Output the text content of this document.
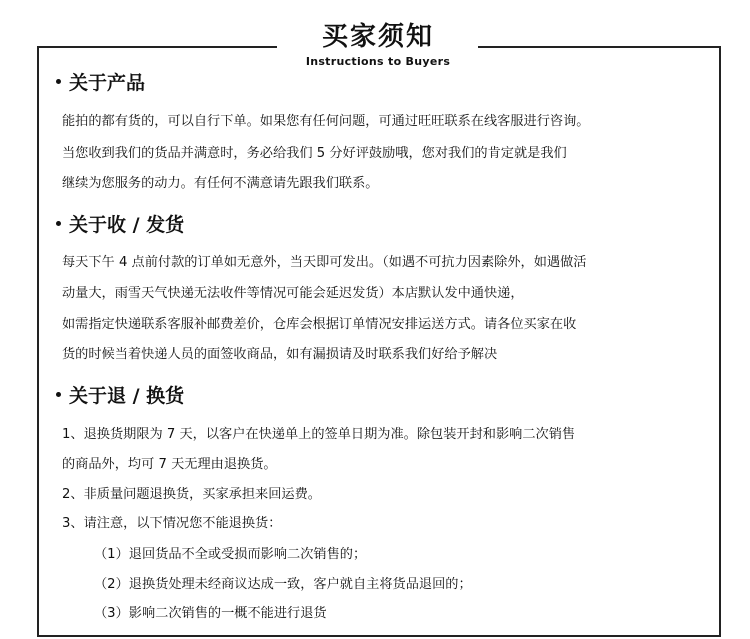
买家须知
Instructions to Buyers
关于产品
能拍的都有货的，可以自行下单。如果您有任何问题，可通过旺旺联系在线客服进行咨询。
当您收到我们的货品并满意时，务必给我们 5 分好评鼓励哦，您对我们的肯定就是我们
继续为您服务的动力。有任何不满意请先跟我们联系。
关于收 / 发货
每天下午 4 点前付款的订单如无意外，当天即可发出。（如遇不可抗力因素除外，如遇做活
动量大，雨雪天气快递无法收件等情况可能会延迟发货）本店默认发中通快递，
如需指定快递联系客服补邮费差价，仓库会根据订单情况安排运送方式。请各位买家在收
货的时候当着快递人员的面签收商品，如有漏损请及时联系我们好给予解决
关于退 / 换货
1、退换货期限为 7 天，以客户在快递单上的签单日期为准。除包装开封和影响二次销售
的商品外，均可 7 天无理由退换货。
2、非质量问题退换货，买家承担来回运费。
3、请注意，以下情况您不能退换货：
（1）退回货品不全或受损而影响二次销售的；
（2）退换货处理未经商议达成一致，客户就自主将货品退回的；
（3）影响二次销售的一概不能进行退货
